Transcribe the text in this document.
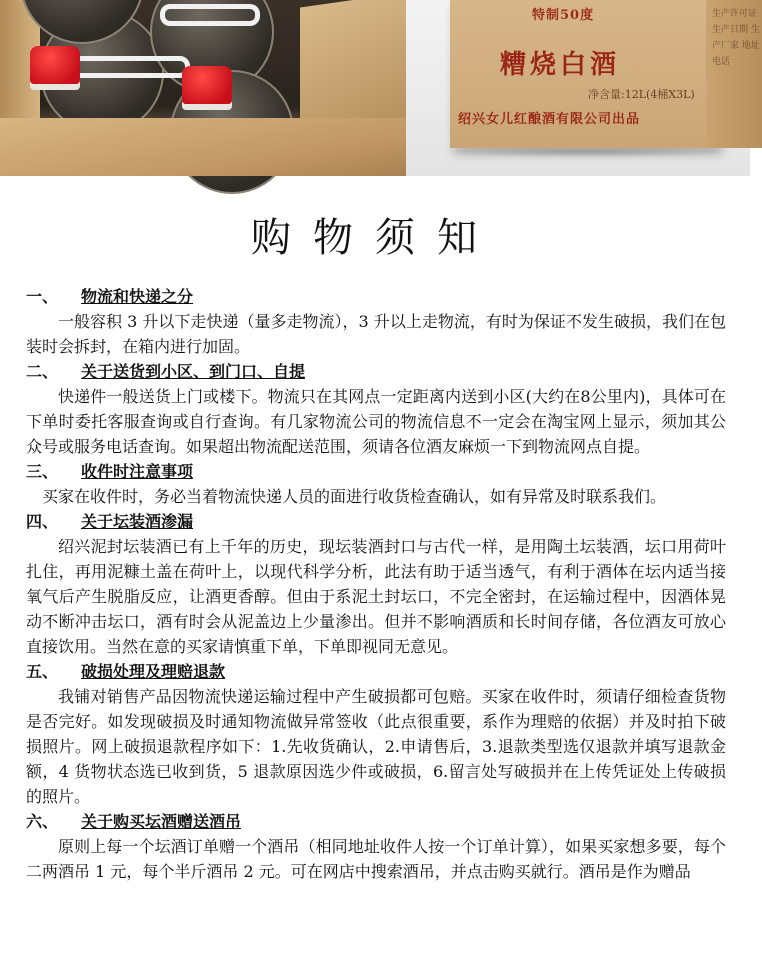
特制50度
糟烧白酒
净含量:12L(4桶X3L)
绍兴女儿红酿酒有限公司出品
生产许可证 生产日期 生产厂家 地址 电话
购物须知
一、	物流和快递之分

一般容积 3 升以下走快递（量多走物流），3 升以上走物流，有时为保证不发生破损，我们在包装时会拆封，在箱内进行加固。

二、	关于送货到小区、到门口、自提

快递件一般送货上门或楼下。物流只在其网点一定距离内送到小区(大约在8公里内)，具体可在下单时委托客服查询或自行查询。有几家物流公司的物流信息不一定会在淘宝网上显示，须加其公众号或服务电话查询。如果超出物流配送范围，须请各位酒友麻烦一下到物流网点自提。

三、	收件时注意事项

买家在收件时，务必当着物流快递人员的面进行收货检查确认，如有异常及时联系我们。

四、	关于坛装酒渗漏

绍兴泥封坛装酒已有上千年的历史，现坛装酒封口与古代一样，是用陶土坛装酒，坛口用荷叶扎住，再用泥糠土盖在荷叶上，以现代科学分析，此法有助于适当透气，有利于酒体在坛内适当接氧气后产生脱脂反应，让酒更香醇。但由于系泥土封坛口，不完全密封，在运输过程中，因酒体晃动不断冲击坛口，酒有时会从泥盖边上少量渗出。但并不影响酒质和长时间存储，各位酒友可放心直接饮用。当然在意的买家请慎重下单，下单即视同无意见。

五、	破损处理及理赔退款

我铺对销售产品因物流快递运输过程中产生破损都可包赔。买家在收件时，须请仔细检查货物是否完好。如发现破损及时通知物流做异常签收（此点很重要，系作为理赔的依据）并及时拍下破损照片。网上破损退款程序如下：1.先收货确认，2.申请售后，3.退款类型选仅退款并填写退款金额，4 货物状态选已收到货，5 退款原因选少件或破损，6.留言处写破损并在上传凭证处上传破损的照片。

六、	关于购买坛酒赠送酒吊

原则上每一个坛酒订单赠一个酒吊（相同地址收件人按一个订单计算），如果买家想多要，每个二两酒吊 1 元，每个半斤酒吊 2 元。可在网店中搜索酒吊，并点击购买就行。酒吊是作为赠品
